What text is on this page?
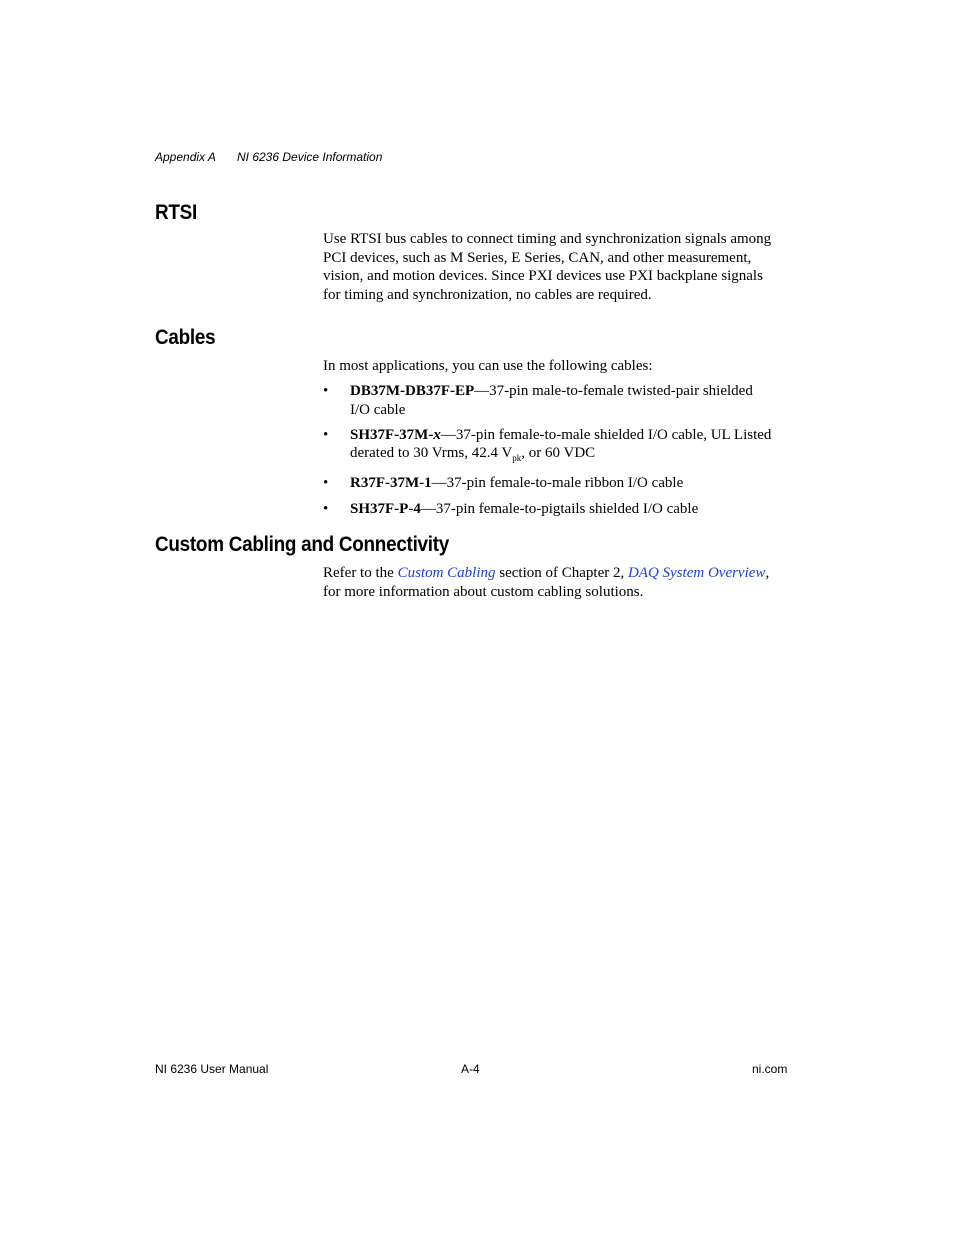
Appendix A NI 6236 Device Information
RTSI

Use RTSI bus cables to connect timing and synchronization signals among
PCI devices, such as M Series, E Series, CAN, and other measurement,
vision, and motion devices. Since PXI devices use PXI backplane signals
for timing and synchronization, no cables are required.

Cables

In most applications, you can use the following cables:

• DB37M-DB37F-EP—37-pin male-to-female twisted-pair shielded
I/O cable
• SH37F-37M-x—37-pin female-to-male shielded I/O cable, UL Listed
derated to 30 Vrms, 42.4 $V_{pk}$, or 60 VDC
• R37F-37M-1—37-pin female-to-male ribbon I/O cable
• SH37F-P-4—37-pin female-to-pigtails shielded I/O cable
Custom Cabling and Connectivity

Refer to the Custom Cabling section of Chapter 2, DAQ System Overview,
for more information about custom cabling solutions.

NI 6236 User Manual	A-4	ni.com
